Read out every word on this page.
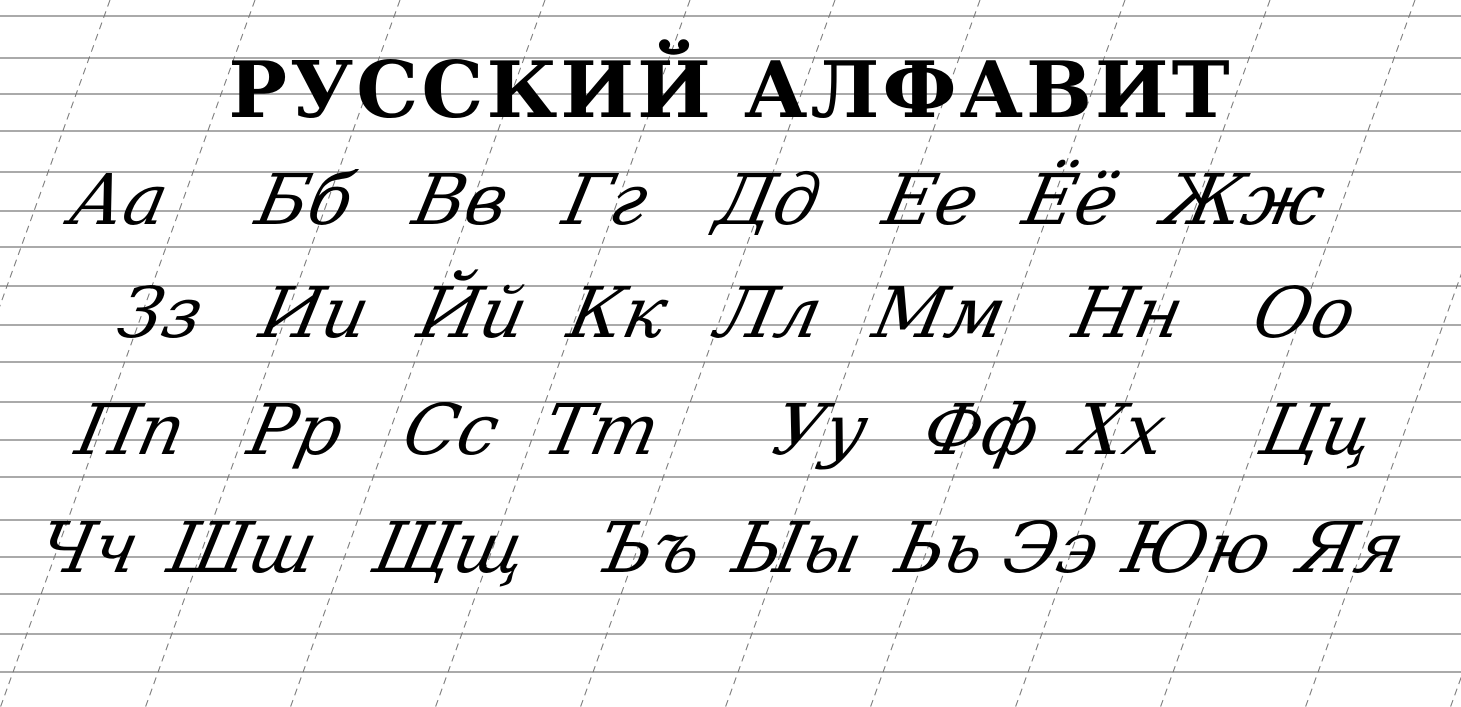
РУССКИЙ АЛФАВИТ
Аа Бб Вв Гг Дд Ее Ёё Жж
Зз Ии Йй Кк Лл Мм Нн Оо
Пп Рр Сс Тт Уу Фф Хх Цц
Чч Шш Щщ Ъъ Ыы Ьь Ээ Юю Яя
